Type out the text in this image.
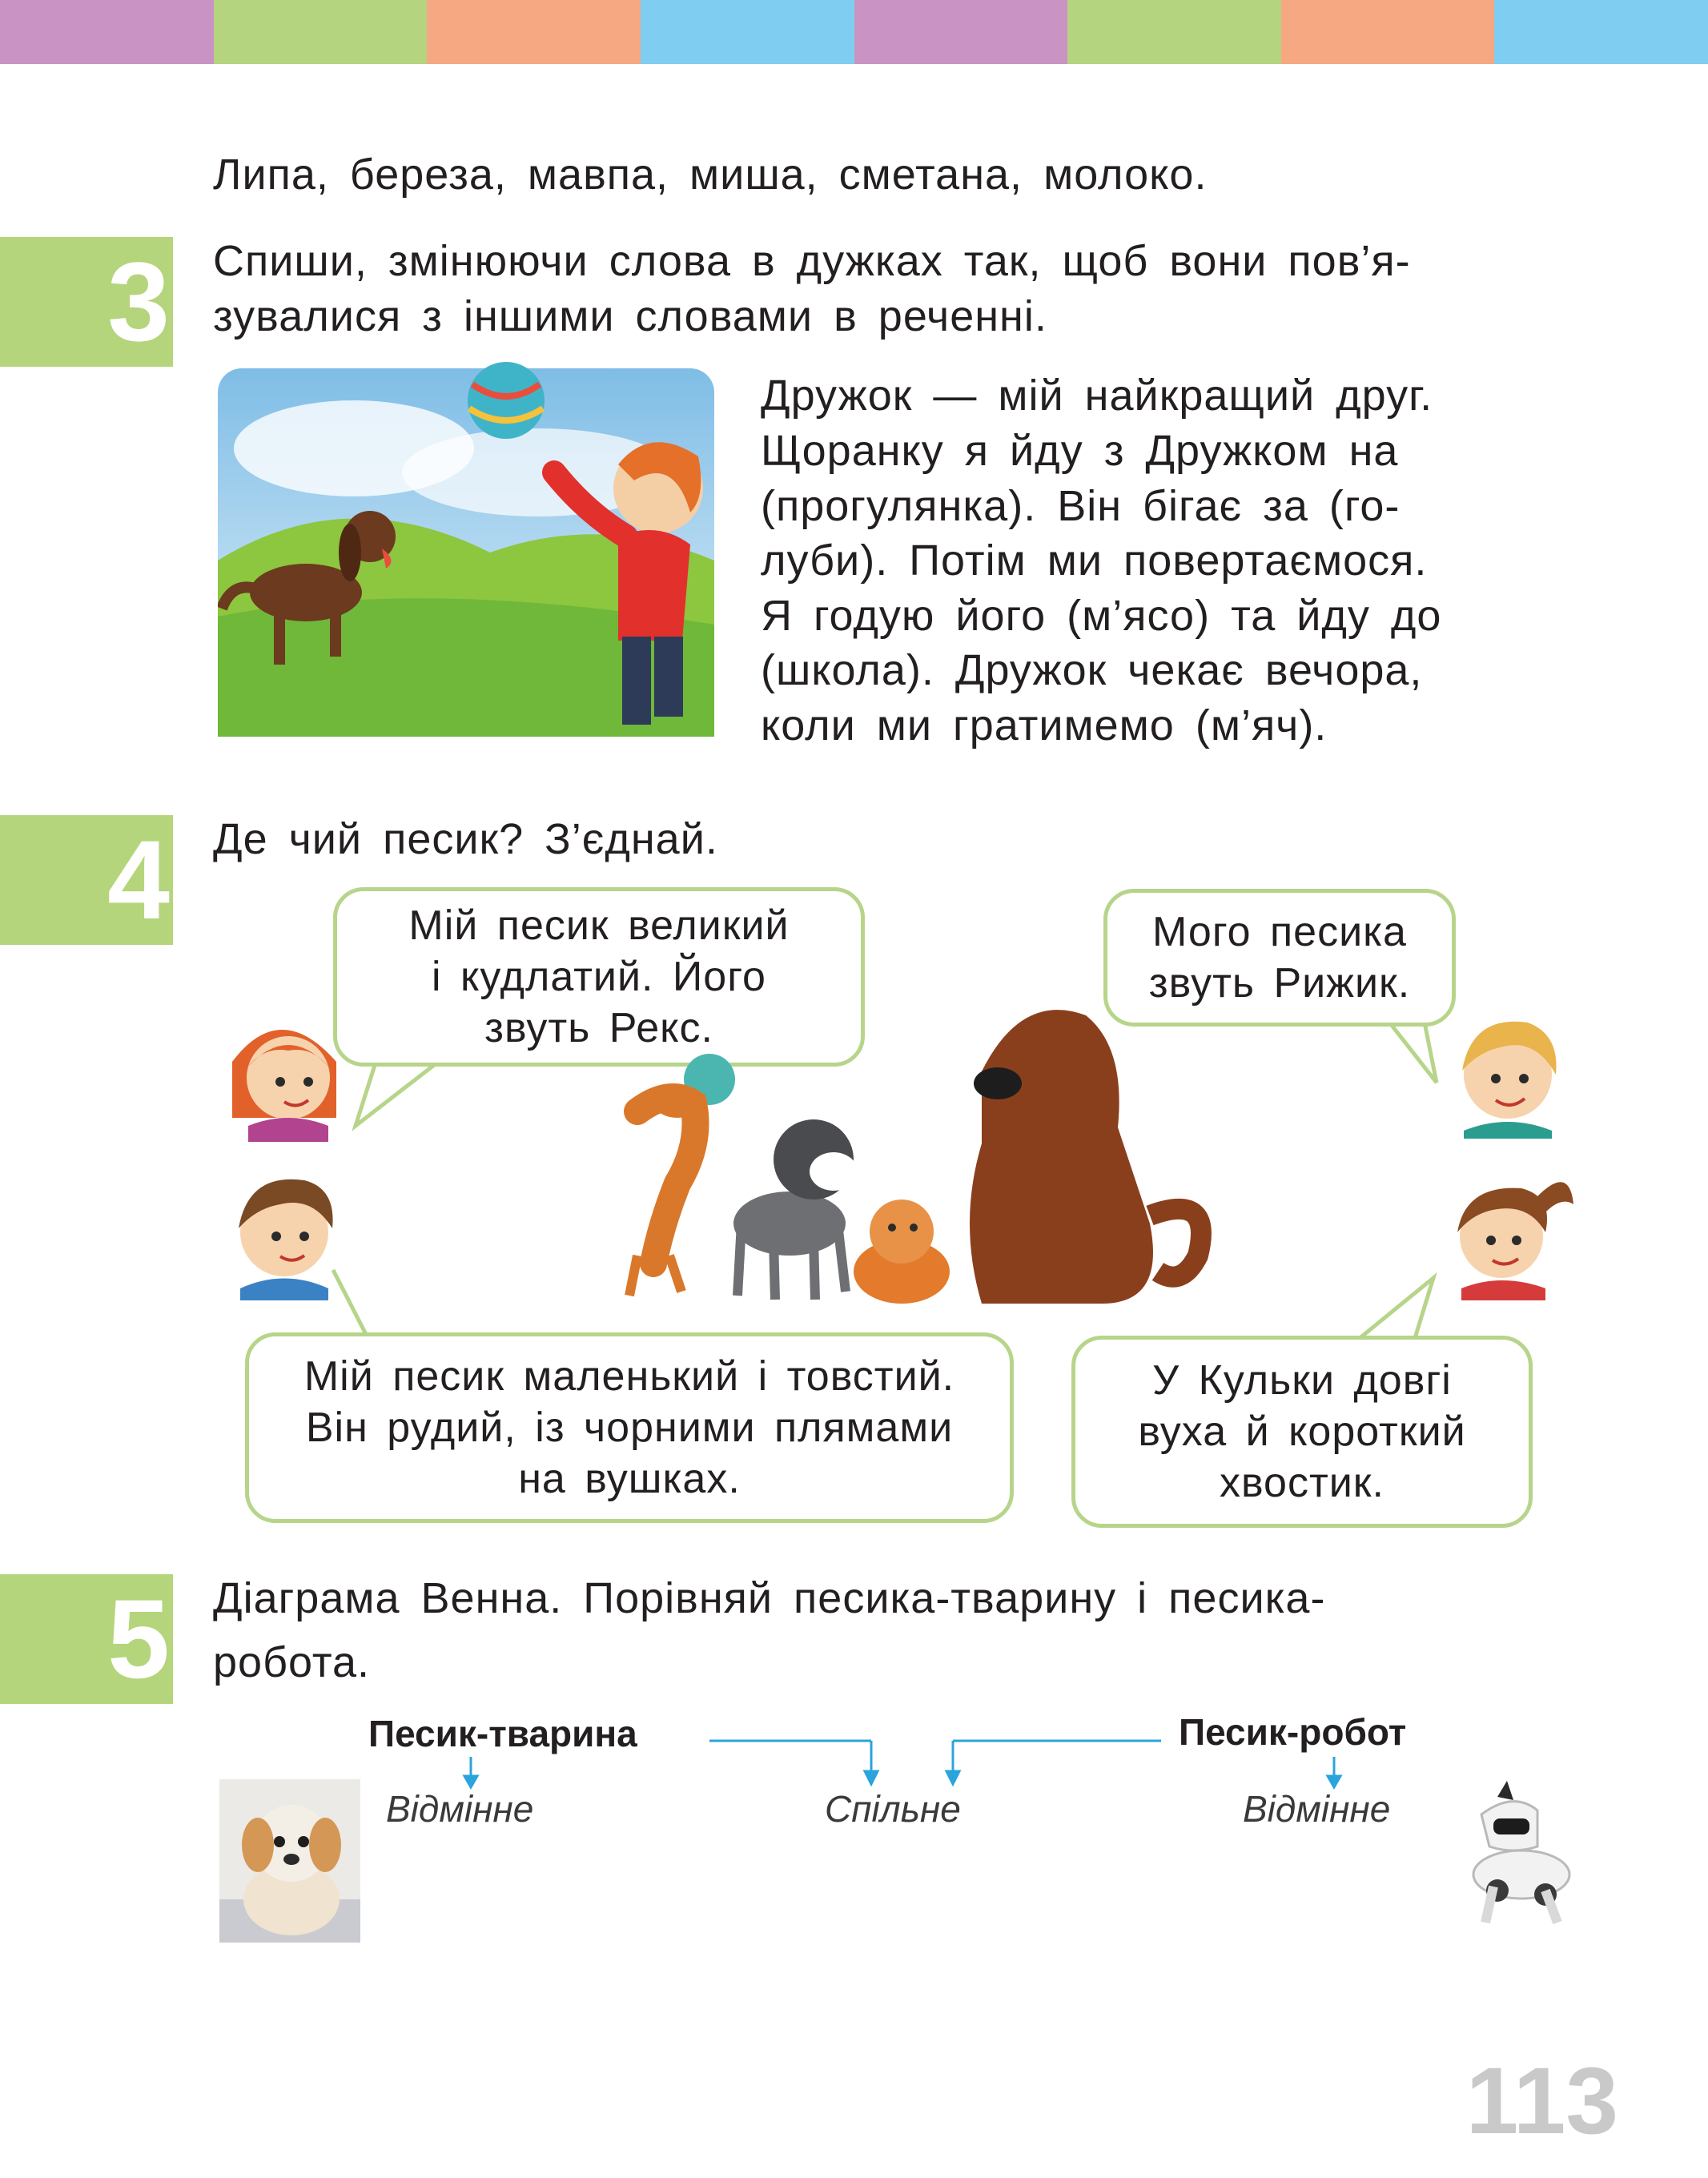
Липа, береза, мавпа, миша, сметана, молоко.
3 Спиши, змінюючи слова в дужках так, щоб вони пов’я-
зувалися з іншими словами в реченні.
Дружок — мій найкращий друг.
Щоранку я йду з Дружком на
(прогулянка). Він бігає за (го-
луби). Потім ми повертаємося.
Я годую його (м’ясо) та йду до
(школа). Дружок чекає вечора,
коли ми гратимемо (м’яч).
4 Де чий песик? З’єднай.
Мій песик великий
і кудлатий. Його
звуть Рекс.
Мого песика
звуть Рижик.
Мій песик маленький і товстий.
Він рудий, із чорними плямами
на вушках.
У Кульки довгі
вуха й короткий
хвостик.
5 Діаграма Венна. Порівняй песика-тварину і песика-
робота.
Песик-тварина	Песик-робот
Відмінне	Спільне	Відмінне
113
